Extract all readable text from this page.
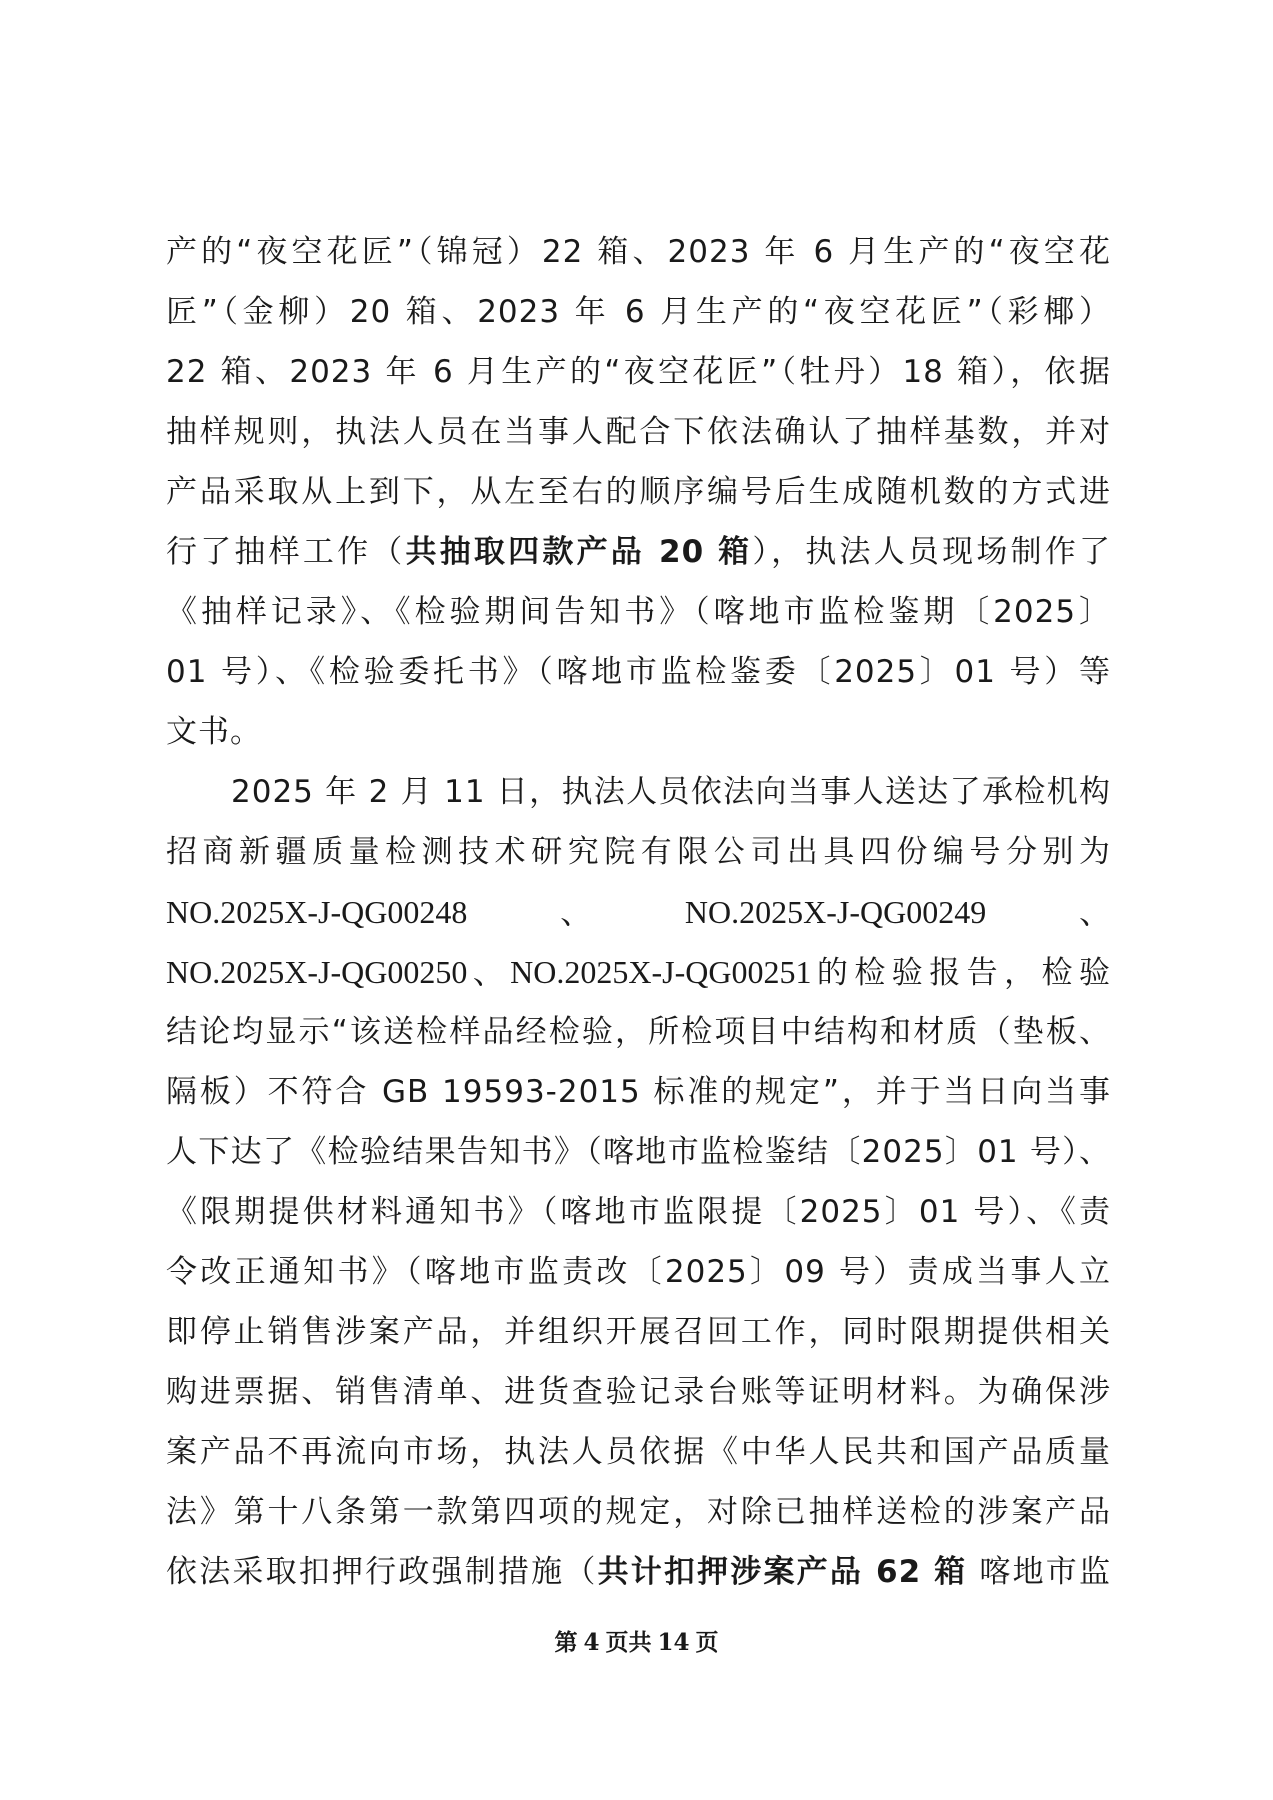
产的“夜空花匠”（锦冠）22 箱、2023 年 6 月生产的“夜空花
匠”（金柳）20 箱、2023 年 6 月生产的“夜空花匠”（彩椰）
22 箱、2023 年 6 月生产的“夜空花匠”（牡丹）18 箱），依据
抽样规则，执法人员在当事人配合下依法确认了抽样基数，并对
产品采取从上到下，从左至右的顺序编号后生成随机数的方式进
行了抽样工作（共抽取四款产品 20 箱），执法人员现场制作了
《抽样记录》、《检验期间告知书》（喀地市监检鉴期〔2025〕
01 号）、《检验委托书》（喀地市监检鉴委〔2025〕01 号）等
文书。
2025 年 2 月 11 日，执法人员依法向当事人送达了承检机构
招商新疆质量检测技术研究院有限公司出具四份编号分别为
NO.2025X-J-QG00248、NO.2025X-J-QG00249、
NO.2025X-J-QG00250、NO.2025X-J-QG00251的检验报告，检验
结论均显示“该送检样品经检验，所检项目中结构和材质（垫板、
隔板）不符合 GB 19593-2015 标准的规定”，并于当日向当事
人下达了《检验结果告知书》（喀地市监检鉴结〔2025〕01 号）、
《限期提供材料通知书》（喀地市监限提〔2025〕01 号）、《责
令改正通知书》（喀地市监责改〔2025〕09 号）责成当事人立
即停止销售涉案产品，并组织开展召回工作，同时限期提供相关
购进票据、销售清单、进货查验记录台账等证明材料。为确保涉
案产品不再流向市场，执法人员依据《中华人民共和国产品质量
法》第十八条第一款第四项的规定，对除已抽样送检的涉案产品
依法采取扣押行政强制措施（共计扣押涉案产品 62 箱 喀地市监
第 4 页共 14 页
